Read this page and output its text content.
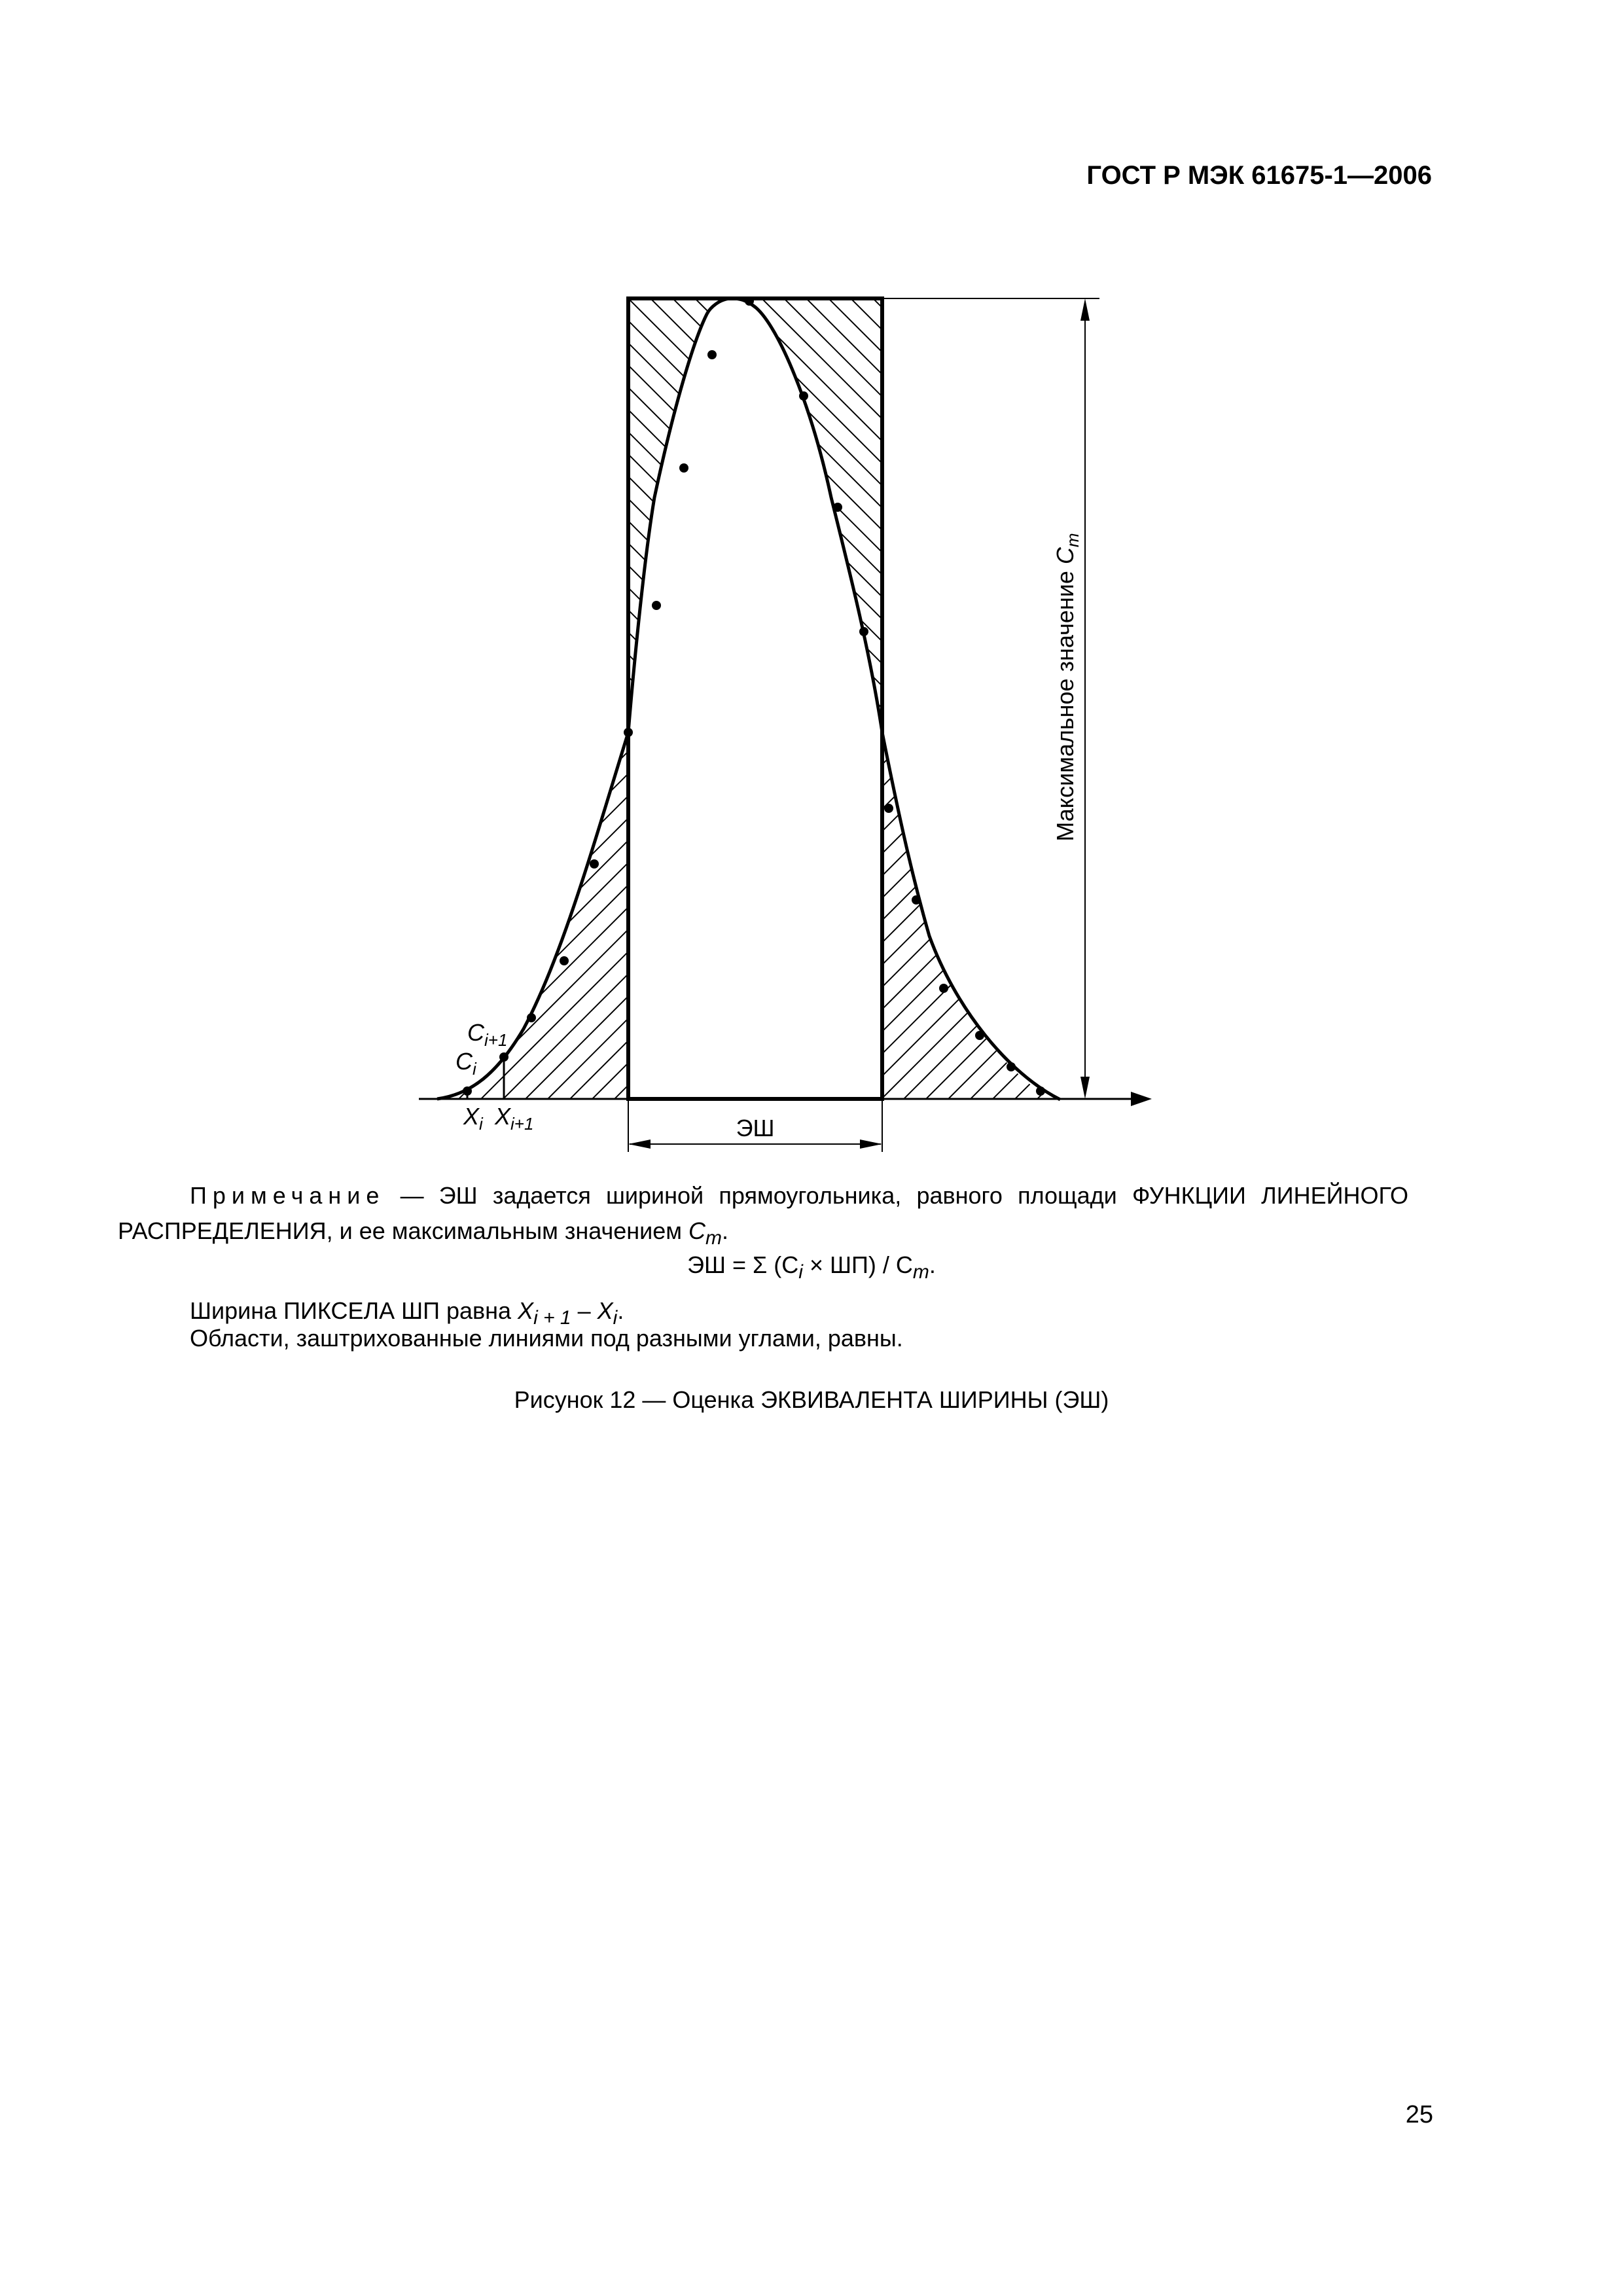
ГОСТ Р МЭК 61675-1—2006
$C_{i+1}$
$C_i$
$X_i$ $X_{i+1}$	ЭШ
Максимальное значение $C_m$
Примечание — ЭШ задается шириной прямоугольника, равного площади ФУНКЦИИ ЛИНЕЙНОГО РАСПРЕДЕЛЕНИЯ, и ее максимальным значением $C_m$.
ЭШ = Σ $(C_i \times ШП) / C_m$.
Ширина ПИКСЕЛА ШП равна $X_{i + 1} - X_i$.
Области, заштрихованные линиями под разными углами, равны.
Рисунок 12 — Оценка ЭКВИВАЛЕНТА ШИРИНЫ (ЭШ)
25
